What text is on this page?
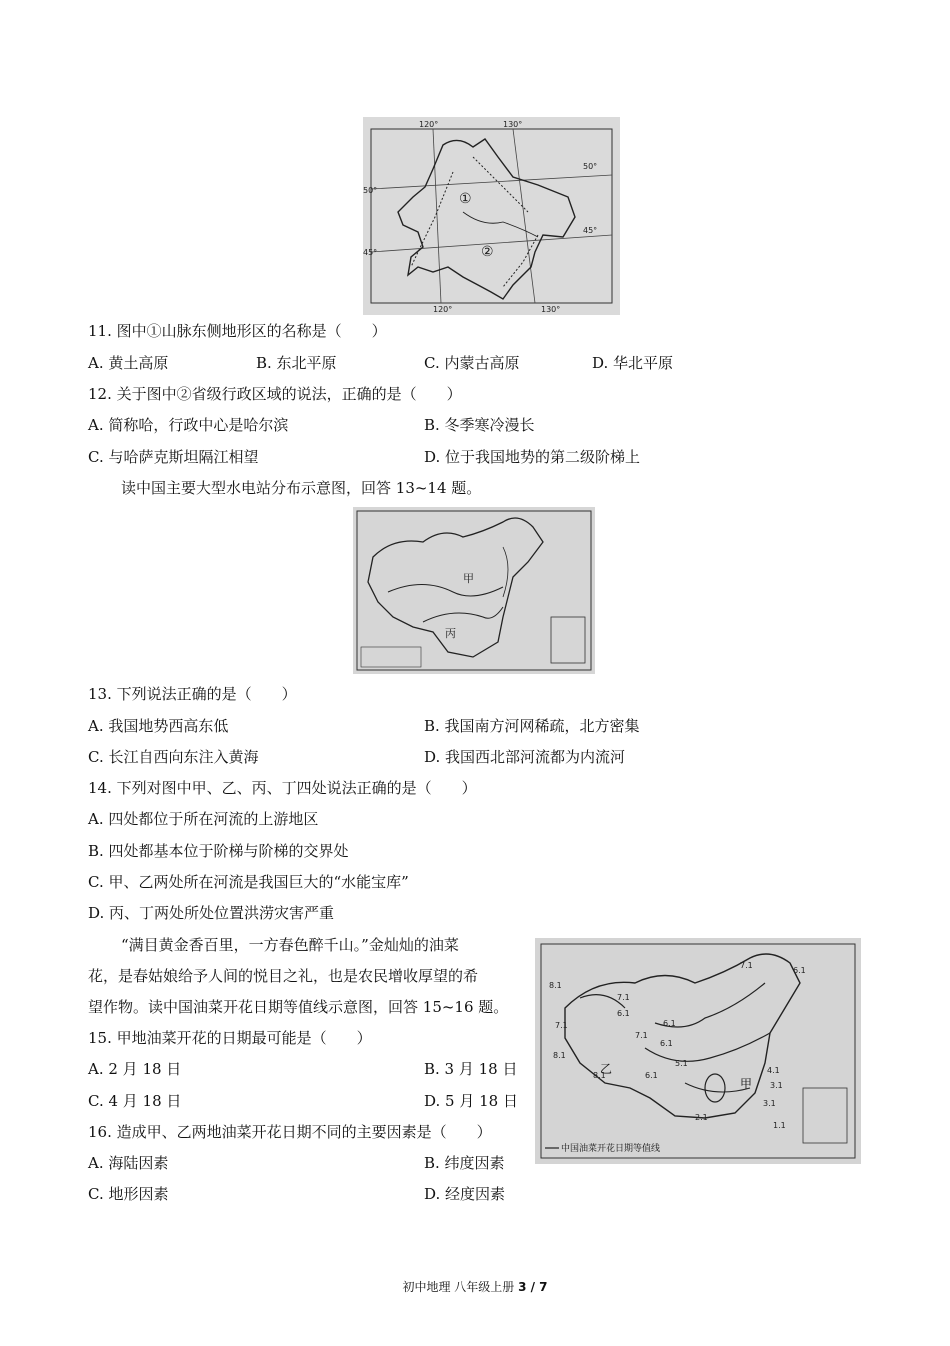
120°	130°
120°	130°
50°
45°
50°
45°
①
②
11. 图中①山脉东侧地形区的名称是（　　）
A. 黄土高原	B. 东北平原	C. 内蒙古高原	D. 华北平原
12. 关于图中②省级行政区域的说法，正确的是（　　）
A. 简称哈，行政中心是哈尔滨	B. 冬季寒冷漫长
C. 与哈萨克斯坦隔江相望	D. 位于我国地势的第二级阶梯上
读中国主要大型水电站分布示意图，回答 13~14 题。
甲
丙
13. 下列说法正确的是（　　）
A. 我国地势西高东低	B. 我国南方河网稀疏，北方密集
C. 长江自西向东注入黄海	D. 我国西北部河流都为内流河
14. 下列对图中甲、乙、丙、丁四处说法正确的是（　　）
A. 四处都位于所在河流的上游地区
B. 四处都基本位于阶梯与阶梯的交界处
C. 甲、乙两处所在河流是我国巨大的“水能宝库”
D. 丙、丁两处所处位置洪涝灾害严重
“满目黄金香百里，一方春色醉千山。”金灿灿的油菜
花，是春姑娘给予人间的悦目之礼，也是农民增收厚望的希
望作物。读中国油菜开花日期等值线示意图，回答 15~16 题。
中国油菜开花日期等值线
8.1
7.1
6.1
7.1
6.1
6.1
7.1
5.1
6.1
8.1
4.1
3.1
2.1
1.1
3.1
8.1
7.1
6.1
甲
乙
15. 甲地油菜开花的日期最可能是（　　）
A. 2 月 18 日	B. 3 月 18 日
C. 4 月 18 日	D. 5 月 18 日
16. 造成甲、乙两地油菜开花日期不同的主要因素是（　　）
A. 海陆因素	B. 纬度因素
C. 地形因素	D. 经度因素
初中地理 八年级上册 3 / 7
